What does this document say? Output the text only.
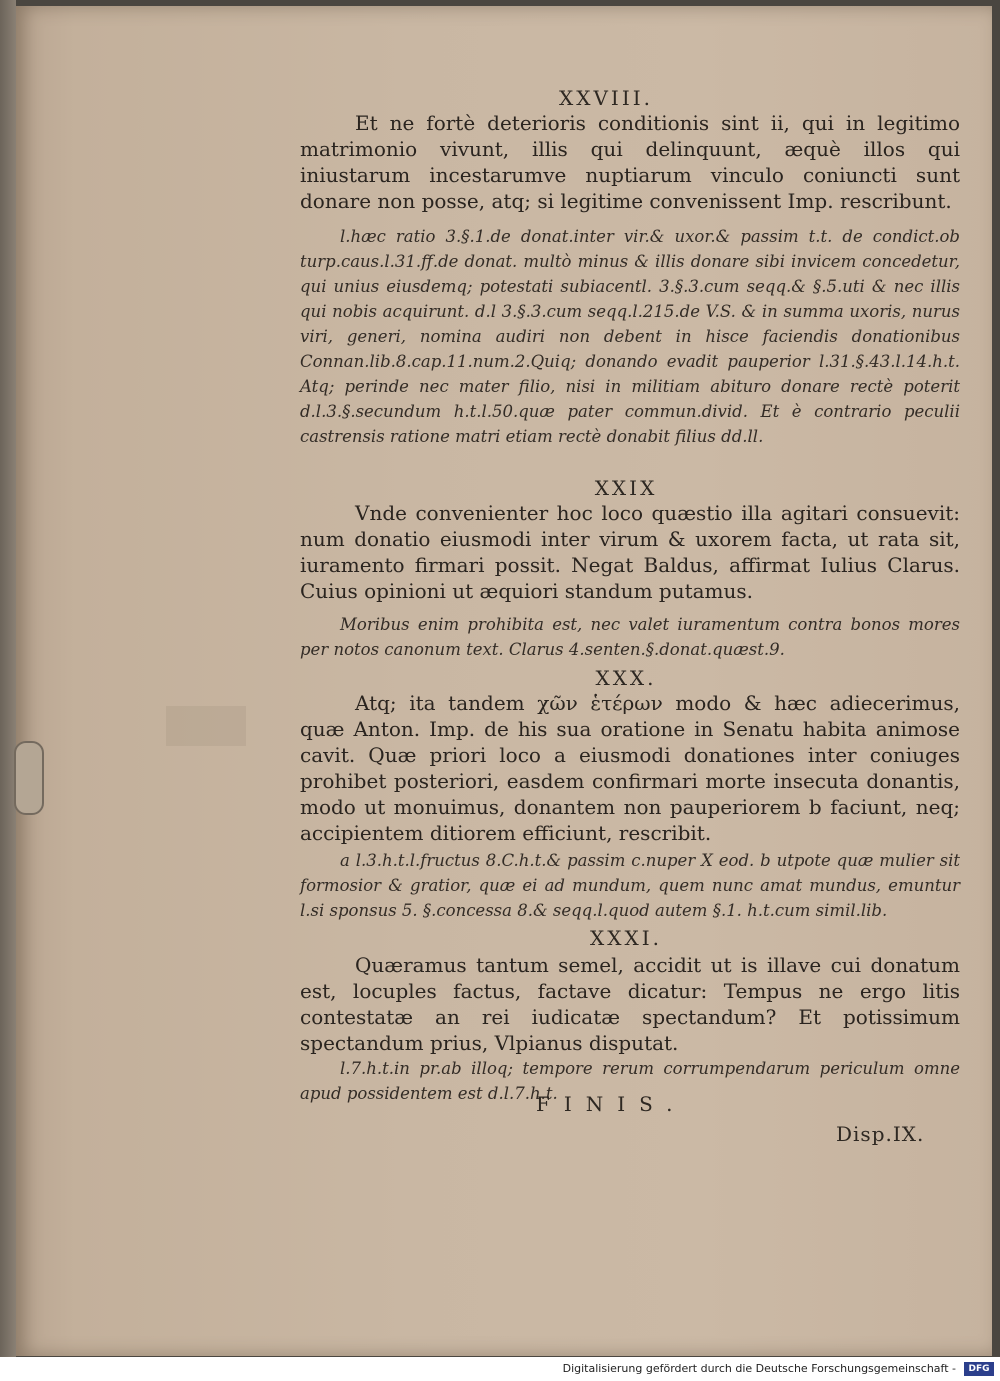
XXVIII.
Et ne fortè deterioris conditionis sint ii, qui in legitimo matrimonio vivunt, illis qui delinquunt, æquè illos qui iniustarum incestarumve nuptiarum vinculo coniuncti sunt donare non posse, atq; si legitime convenissent Imp. rescribunt.
l.hæc ratio 3.§.1.de donat.inter vir.& uxor.& passim t.t. de condict.ob turp.caus.l.31.ff.de donat. multò minus & illis donare sibi invicem concedetur, qui unius eiusdemq; potestati subiacentl. 3.§.3.cum seqq.& §.5.uti & nec illis qui nobis acquirunt. d.l 3.§.3.cum seqq.l.215.de V.S. & in summa uxoris, nurus viri, generi, nomina audiri non debent in hisce faciendis donationibus Connan.lib.8.cap.11.num.2.Quiq; donando evadit pauperior l.31.§.43.l.14.h.t. Atq; perinde nec mater filio, nisi in militiam abituro donare rectè poterit d.l.3.§.secundum h.t.l.50.quæ pater commun.divid. Et è contrario peculii castrensis ratione matri etiam rectè donabit filius dd.ll.
XXIX
Vnde convenienter hoc loco quæstio illa agitari consuevit: num donatio eiusmodi inter virum & uxorem facta, ut rata sit, iuramento firmari possit. Negat Baldus, affirmat Iulius Clarus. Cuius opinioni ut æquiori standum putamus.
Moribus enim prohibita est, nec valet iuramentum contra bonos mores per notos canonum text. Clarus 4.senten.§.donat.quæst.9.
XXX.
Atq; ita tandem χῶν ἑτέρων modo & hæc adiecerimus, quæ Anton. Imp. de his sua oratione in Senatu habita animose cavit. Quæ priori loco a eiusmodi donationes inter coniuges prohibet posteriori, easdem confirmari morte insecuta donantis, modo ut monuimus, donantem non pauperiorem b faciunt, neq; accipientem ditiorem efficiunt, rescribit.
a l.3.h.t.l.fructus 8.C.h.t.& passim c.nuper X eod. b utpote quæ mulier sit formosior & gratior, quæ ei ad mundum, quem nunc amat mundus, emuntur l.si sponsus 5. §.concessa 8.& seqq.l.quod autem §.1. h.t.cum simil.lib.
XXXI.
Quæramus tantum semel, accidit ut is illave cui donatum est, locuples factus, factave dicatur: Tempus ne ergo litis contestatæ an rei iudicatæ spectandum? Et potissimum spectandum prius, Vlpianus disputat.
l.7.h.t.in pr.ab illoq; tempore rerum corrumpendarum periculum omne apud possidentem est d.l.7.h.t.
FINIS.
Disp.IX.
Digitalisierung gefördert durch die Deutsche Forschungsgemeinschaft -	DFG
